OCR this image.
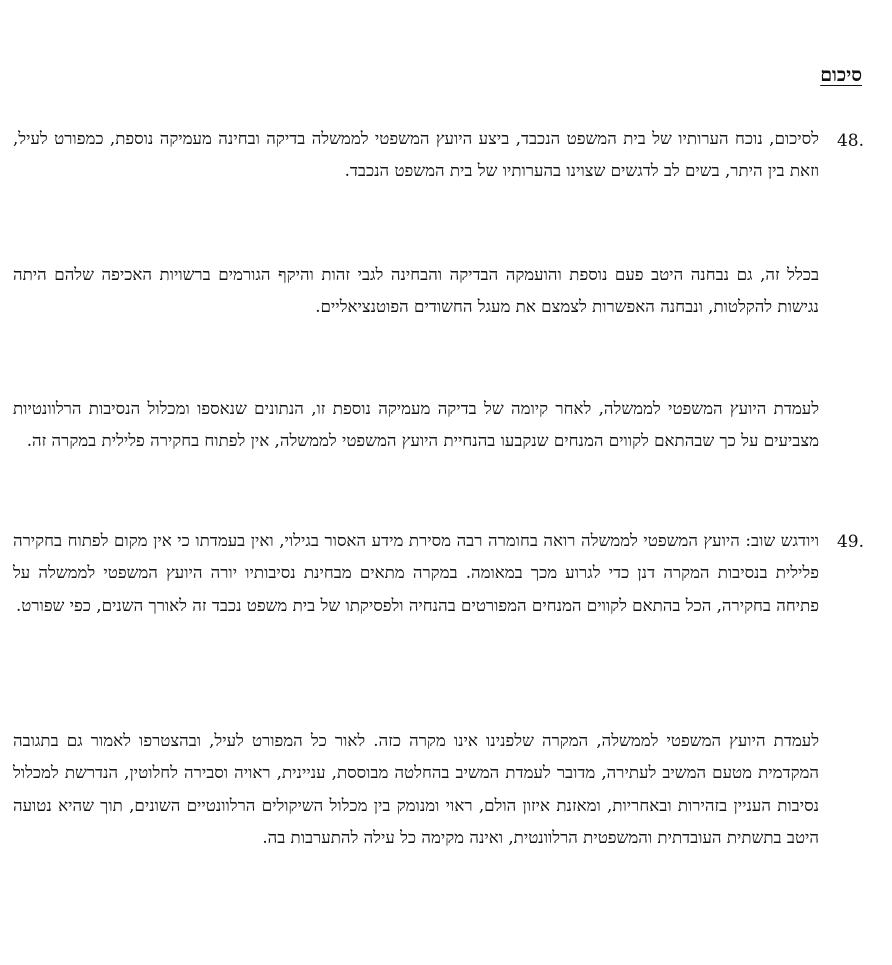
סיכום
48.

לסיכום, נוכח הערותיו של בית המשפט הנכבד, ביצע היועץ המשפטי לממשלה בדיקה ובחינה מעמיקה נוספת, כמפורט לעיל, וזאת בין היתר, בשים לב לדגשים שצוינו בהערותיו של בית המשפט הנכבד.

בכלל זה, גם נבחנה היטב פעם נוספת והועמקה הבדיקה והבחינה לגבי זהות והיקף הגורמים ברשויות האכיפה שלהם היתה נגישות להקלטות, ונבחנה האפשרות לצמצם את מעגל החשודים הפוטנציאליים.

לעמדת היועץ המשפטי לממשלה, לאחר קיומה של בדיקה מעמיקה נוספת זו, הנתונים שנאספו ומכלול הנסיבות הרלוונטיות מצביעים על כך שבהתאם לקווים המנחים שנקבעו בהנחיית היועץ המשפטי לממשלה, אין לפתוח בחקירה פלילית במקרה זה.

49.

ויודגש שוב: היועץ המשפטי לממשלה רואה בחומרה רבה מסירת מידע האסור בגילוי, ואין בעמדתו כי אין מקום לפתוח בחקירה פלילית בנסיבות המקרה דנן כדי לגרוע מכך במאומה. במקרה מתאים מבחינת נסיבותיו יורה היועץ המשפטי לממשלה על פתיחה בחקירה, הכל בהתאם לקווים המנחים המפורטים בהנחיה ולפסיקתו של בית משפט נכבד זה לאורך השנים, כפי שפורט.

לעמדת היועץ המשפטי לממשלה, המקרה שלפנינו אינו מקרה כזה. לאור כל המפורט לעיל, ובהצטרפו לאמור גם בתגובה המקדמית מטעם המשיב לעתירה, מדובר לעמדת המשיב בהחלטה מבוססת, עניינית, ראויה וסבירה לחלוטין, הנדרשת למכלול נסיבות העניין בזהירות ובאחריות, ומאזנת איזון הולם, ראוי ומנומק בין מכלול השיקולים הרלוונטיים השונים, תוך שהיא נטועה היטב בתשתית העובדתית והמשפטית הרלוונטית, ואינה מקימה כל עילה להתערבות בה.
